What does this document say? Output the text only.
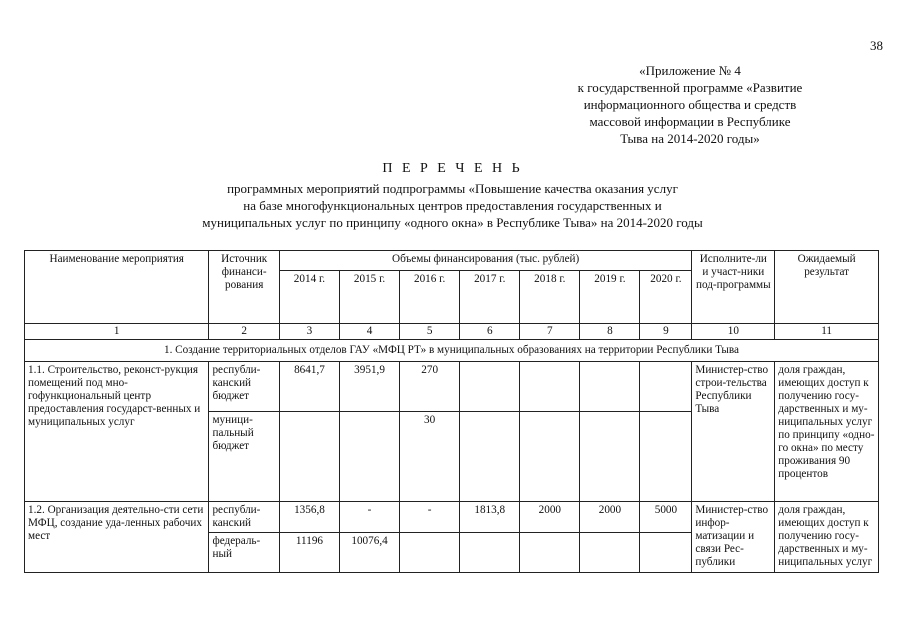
38
«Приложение № 4
к государственной программе «Развитие
информационного общества и средств
массовой информации в Республике
Тыва на 2014-2020 годы»
П Е Р Е Ч Е Н Ь
программных мероприятий подпрограммы «Повышение качества оказания услуг
на базе многофункциональных центров предоставления государственных и
муниципальных услуг по принципу «одного окна» в Республике Тыва» на 2014-2020 годы
Наименование мероприятия	Источник финанси-рования	Объемы финансирования (тыс. рублей)							Исполните-ли и участ-ники под-программы	Ожидаемый результат
		2014 г.	2015 г.	2016 г.	2017 г.	2018 г.	2019 г.	2020 г.		
1	2	3	4	5	6	7	8	9	10	11
1. Создание территориальных отделов ГАУ «МФЦ РТ» в муниципальных образованиях на территории Республики Тыва										
1.1. Строительство, реконст-рукция помещений под мно-гофункциональный центр предоставления государст-венных и муниципальных услуг	республи-канский бюджет	8641,7	3951,9	270					Министер-ство строи-тельства Республики Тыва	доля граждан, имеющих доступ к получению госу-дарственных и му-ниципальных услуг по принципу «одно-го окна» по месту проживания 90 процентов
	муници-пальный бюджет			30						
1.2. Организация деятельно-сти сети МФЦ, создание уда-ленных рабочих мест	республи-канский	1356,8	-	-	1813,8	2000	2000	5000	Министер-ство инфор-матизации и связи Рес-публики	доля граждан, имеющих доступ к получению госу-дарственных и му-ниципальных услуг
	федераль-ный	11196	10076,4							
